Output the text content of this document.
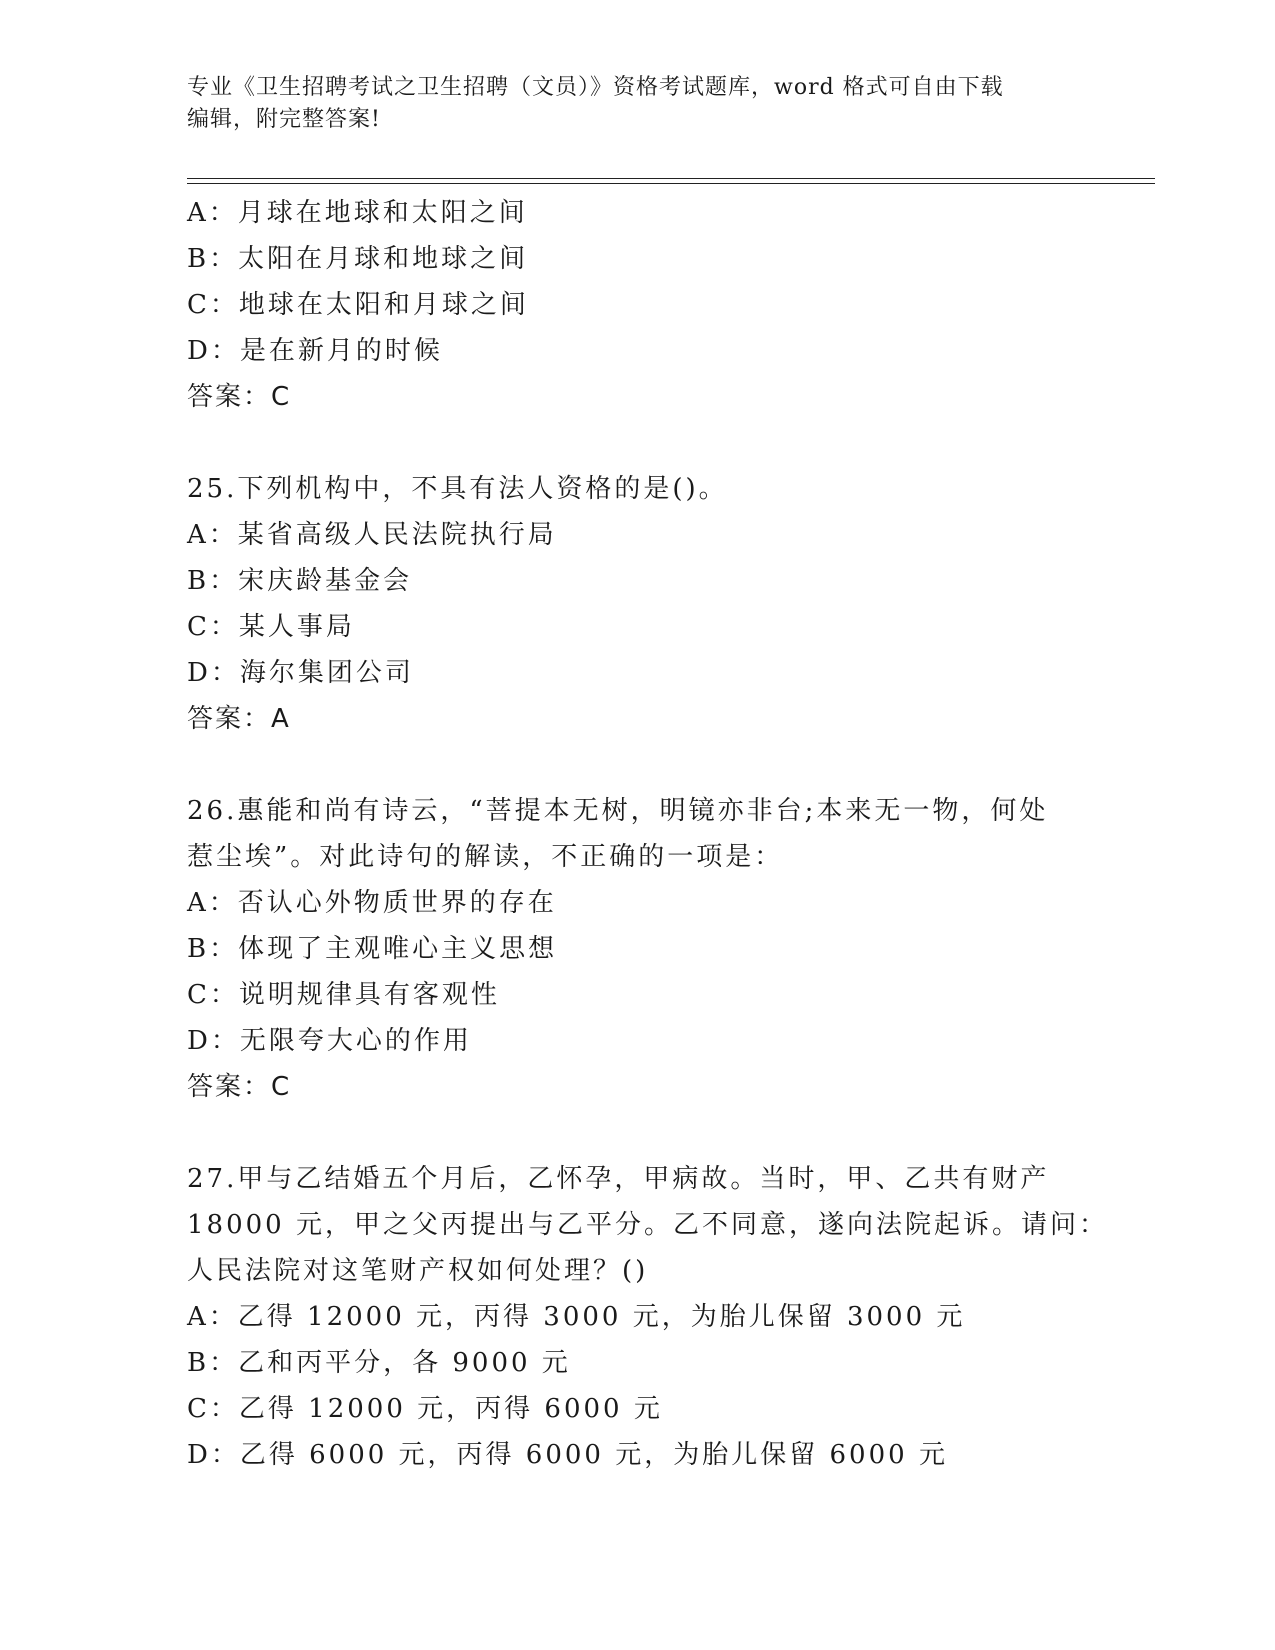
专业《卫生招聘考试之卫生招聘（文员）》资格考试题库，word 格式可自由下载
编辑，附完整答案!
A：月球在地球和太阳之间
B：太阳在月球和地球之间
C：地球在太阳和月球之间
D：是在新月的时候
答案：C
25.下列机构中，不具有法人资格的是()。
A：某省高级人民法院执行局
B：宋庆龄基金会
C：某人事局
D：海尔集团公司
答案：A
26.惠能和尚有诗云，“菩提本无树，明镜亦非台;本来无一物，何处
惹尘埃”。对此诗句的解读，不正确的一项是：
A：否认心外物质世界的存在
B：体现了主观唯心主义思想
C：说明规律具有客观性
D：无限夸大心的作用
答案：C
27.甲与乙结婚五个月后，乙怀孕，甲病故。当时，甲、乙共有财产
18000 元，甲之父丙提出与乙平分。乙不同意，遂向法院起诉。请问：
人民法院对这笔财产权如何处理？()
A：乙得 12000 元，丙得 3000 元，为胎儿保留 3000 元
B：乙和丙平分，各 9000 元
C：乙得 12000 元，丙得 6000 元
D：乙得 6000 元，丙得 6000 元，为胎儿保留 6000 元
